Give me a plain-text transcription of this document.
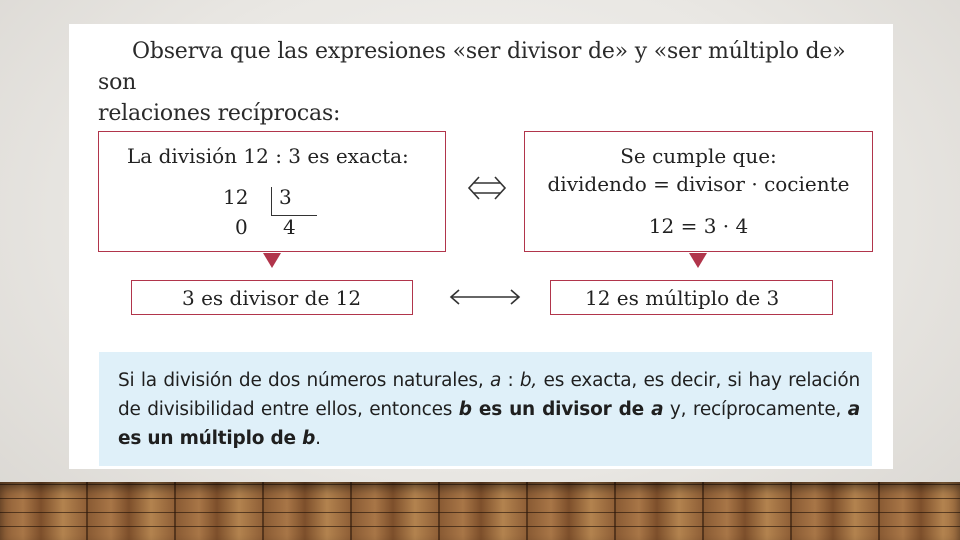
Observa que las expresiones «ser divisor de» y «ser múltiplo de» son
relaciones recíprocas:

La división 12 : 3 es exacta:
12 3
0 4
Se cumple que:
dividendo = divisor · cociente
12 = 3 · 4
3 es divisor de 12	12 es múltiplo de 3

Si la división de dos números naturales, a : b, es exacta, es decir, si hay relación de divisibilidad entre ellos, entonces b es un divisor de a y, recíprocamente, a es un múltiplo de b.
